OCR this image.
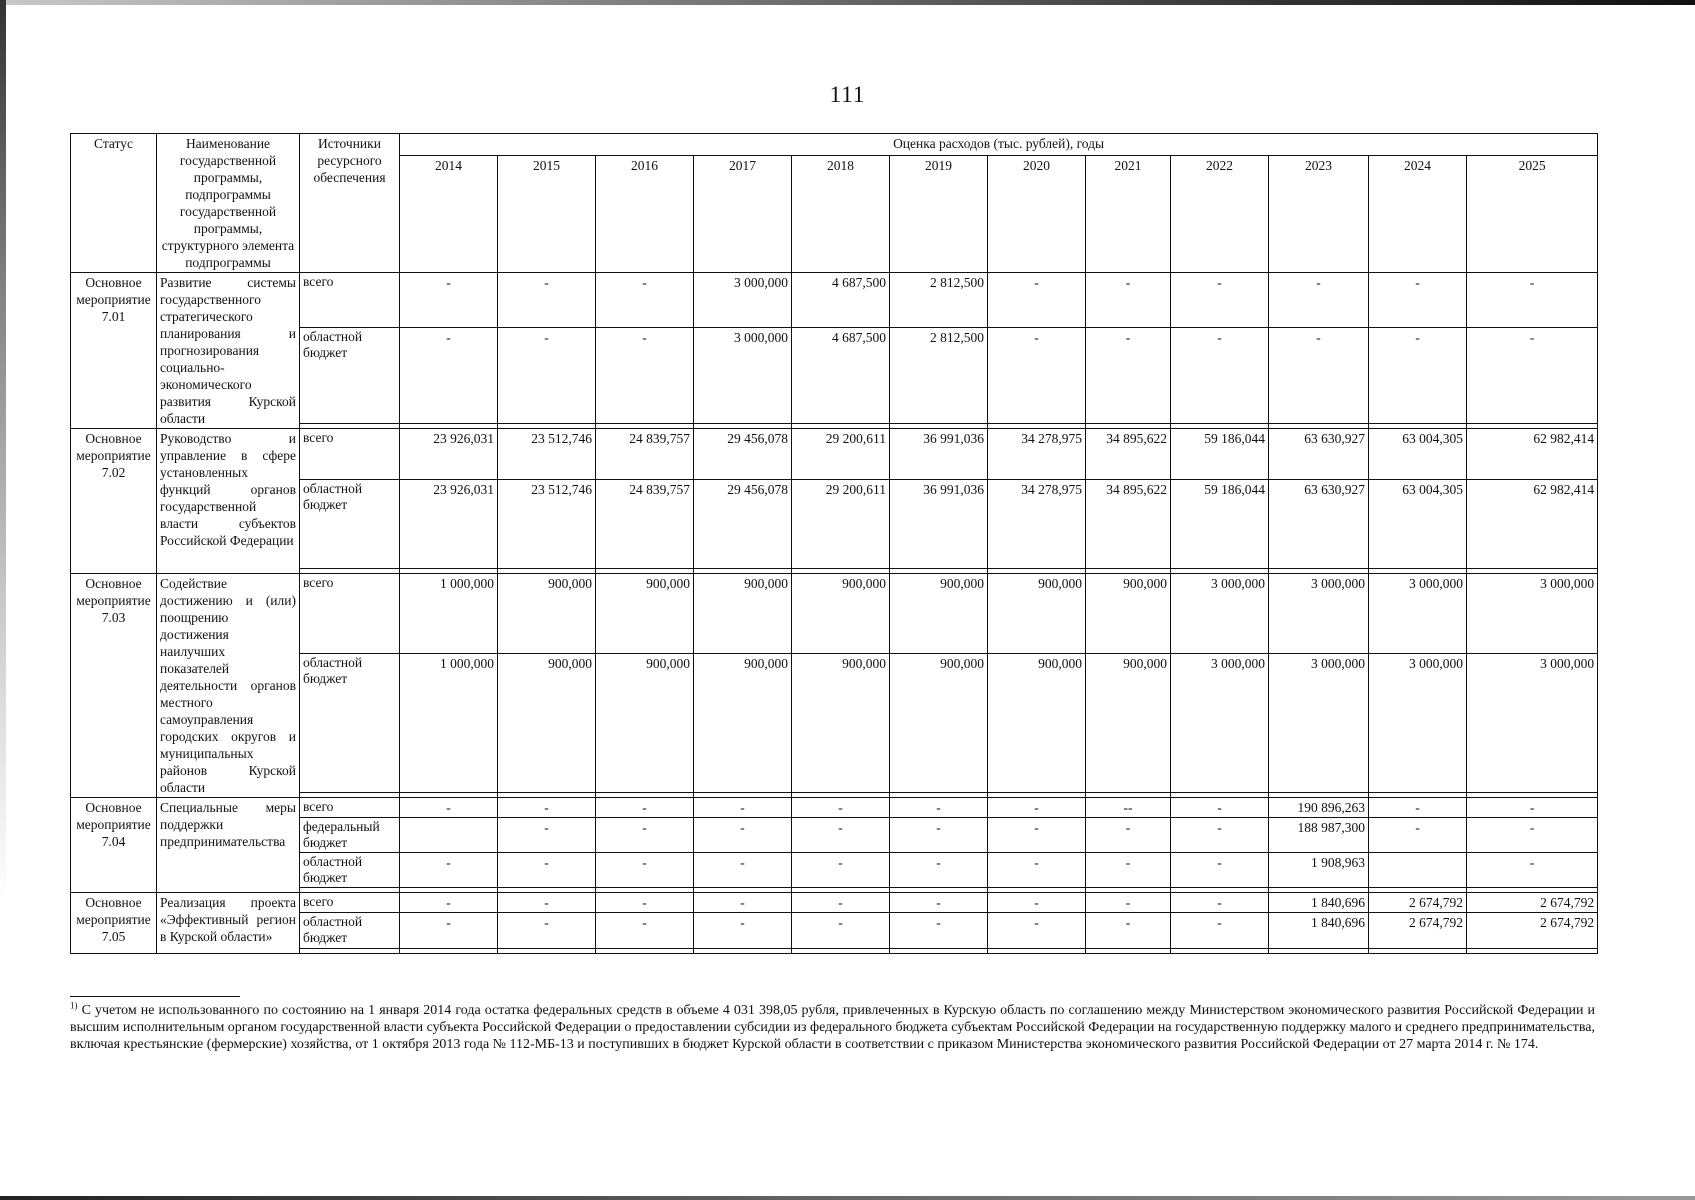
111
Статус	Наименование государственной программы, подпрограммы государственной программы, структурного элемента подпрограммы	Источники ресурсного обеспечения	Оценка расходов (тыс. рублей), годы											
			2014	2015	2016	2017	2018	2019	2020	2021	2022	2023	2024	2025
Основное мероприятие 7.01	Развитие системы государственного стратегического планирования и прогнозирования социально-экономического развития Курской области	всего	-	-	-	3 000,000	4 687,500	2 812,500	-	-	-	-	-	-
		областной бюджет	-	-	-	3 000,000	4 687,500	2 812,500	-	-	-	-	-	-

Основное мероприятие 7.02	Руководство и управление в сфере установленных функций органов государственной власти субъектов Российской Федерации	всего	23 926,031	23 512,746	24 839,757	29 456,078	29 200,611	36 991,036	34 278,975	34 895,622	59 186,044	63 630,927	63 004,305	62 982,414
		областной бюджет	23 926,031	23 512,746	24 839,757	29 456,078	29 200,611	36 991,036	34 278,975	34 895,622	59 186,044	63 630,927	63 004,305	62 982,414

Основное мероприятие 7.03	Содействие достижению и (или) поощрению достижения наилучших показателей деятельности органов местного самоуправления городских округов и муниципальных районов Курской области	всего	1 000,000	900,000	900,000	900,000	900,000	900,000	900,000	900,000	3 000,000	3 000,000	3 000,000	3 000,000
		областной бюджет	1 000,000	900,000	900,000	900,000	900,000	900,000	900,000	900,000	3 000,000	3 000,000	3 000,000	3 000,000

Основное мероприятие 7.04	Специальные меры поддержки предпринимательства	всего	-	-	-	-	-	-	-	--	-	190 896,263	-	-
		федеральный бюджет		-	-	-	-	-	-	-	-	188 987,300	-	-
		областной бюджет	-	-	-	-	-	-	-	-	-	1 908,963		-

Основное мероприятие 7.05	Реализация проекта «Эффективный регион в Курской области»	всего	-	-	-	-	-	-	-	-	-	1 840,696	2 674,792	2 674,792
		областной бюджет	-	-	-	-	-	-	-	-	-	1 840,696	2 674,792	2 674,792

$^{1)}$ С учетом не использованного по состоянию на 1 января 2014 года остатка федеральных средств в объеме 4 031 398,05 рубля, привлеченных в Курскую область по соглашению между Министерством экономического развития Российской Федерации и высшим исполнительным органом государственной власти субъекта Российской Федерации о предоставлении субсидии из федерального бюджета субъектам Российской Федерации на государственную поддержку малого и среднего предпринимательства, включая крестьянские (фермерские) хозяйства, от 1 октября 2013 года № 112-МБ-13 и поступивших в бюджет Курской области в соответствии с приказом Министерства экономического развития Российской Федерации от 27 марта 2014 г. № 174.
